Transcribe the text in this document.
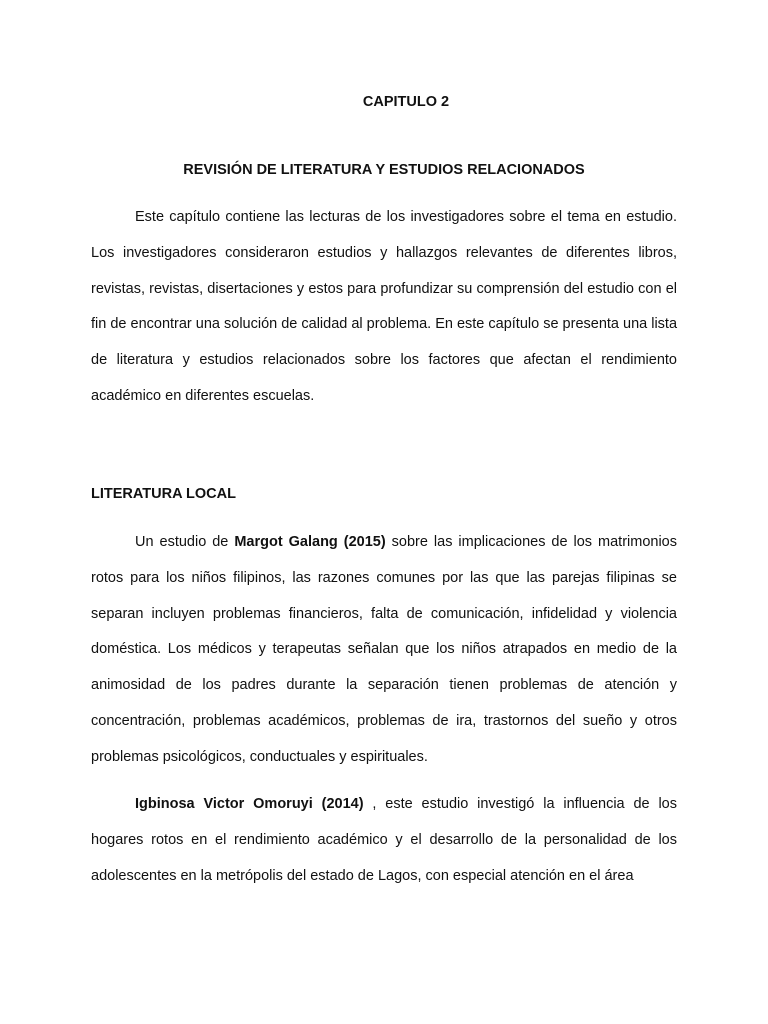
CAPITULO 2
REVISIÓN DE LITERATURA Y ESTUDIOS RELACIONADOS

Este capítulo contiene las lecturas de los investigadores sobre el tema en estudio. Los investigadores consideraron estudios y hallazgos relevantes de diferentes libros, revistas, revistas, disertaciones y estos para profundizar su comprensión del estudio con el fin de encontrar una solución de calidad al problema. En este capítulo se presenta una lista de literatura y estudios relacionados sobre los factores que afectan el rendimiento académico en diferentes escuelas.

LITERATURA LOCAL

Un estudio de Margot Galang (2015) sobre las implicaciones de los matrimonios rotos para los niños filipinos, las razones comunes por las que las parejas filipinas se separan incluyen problemas financieros, falta de comunicación, infidelidad y violencia doméstica. Los médicos y terapeutas señalan que los niños atrapados en medio de la animosidad de los padres durante la separación tienen problemas de atención y concentración, problemas académicos, problemas de ira, trastornos del sueño y otros problemas psicológicos, conductuales y espirituales.

Igbinosa Victor Omoruyi (2014) , este estudio investigó la influencia de los hogares rotos en el rendimiento académico y el desarrollo de la personalidad de los adolescentes en la metrópolis del estado de Lagos, con especial atención en el área
